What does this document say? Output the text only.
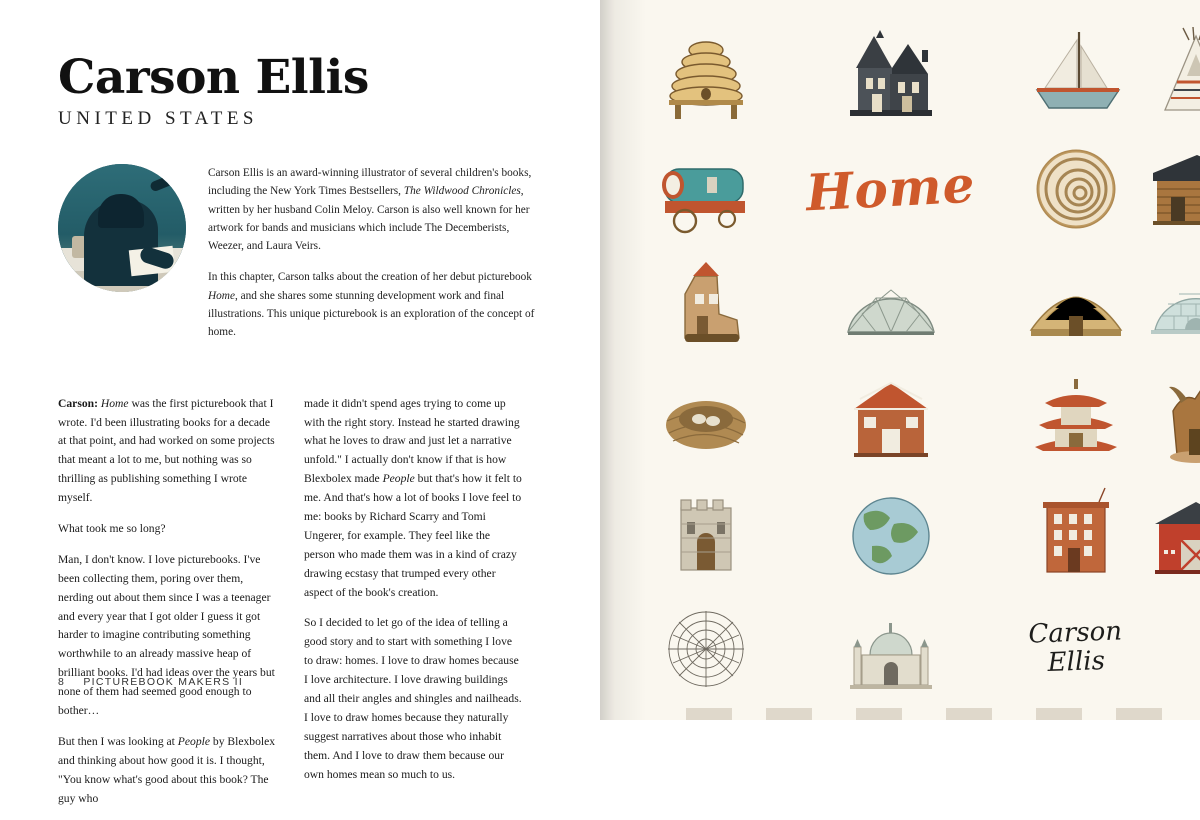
Carson Ellis
UNITED STATES

Carson Ellis is an award-winning illustrator of several children's books, including the New York Times Bestsellers, The Wildwood Chronicles, written by her husband Colin Meloy. Carson is also well known for her artwork for bands and musicians which include The Decemberists, Weezer, and Laura Veirs.

In this chapter, Carson talks about the creation of her debut picturebook Home, and she shares some stunning development work and final illustrations. This unique picturebook is an exploration of the concept of home.

Carson: Home was the first picturebook that I wrote. I'd been illustrating books for a decade at that point, and had worked on some projects that meant a lot to me, but nothing was so thrilling as publishing something I wrote myself.

What took me so long?

Man, I don't know. I love picturebooks. I've been collecting them, poring over them, nerding out about them since I was a teenager and every year that I got older I guess it got harder to imagine contributing something worthwhile to an already massive heap of brilliant books. I'd had ideas over the years but none of them had seemed good enough to bother…

But then I was looking at People by Blexbolex and thinking about how good it is. I thought, "You know what's good about this book? The guy who

made it didn't spend ages trying to come up with the right story. Instead he started drawing what he loves to draw and just let a narrative unfold." I actually don't know if that is how Blexbolex made People but that's how it felt to me. And that's how a lot of books I love feel to me: books by Richard Scarry and Tomi Ungerer, for example. They feel like the person who made them was in a kind of crazy drawing ecstasy that trumped every other aspect of the book's creation.

So I decided to let go of the idea of telling a good story and to start with something I love to draw: homes. I love to draw homes because I love architecture. I love drawing buildings and all their angles and shingles and nailheads. I love to draw homes because they naturally suggest narratives about those who inhabit them. And I love to draw them because our own homes mean so much to us.

8 PICTUREBOOK MAKERS II
Home
Carson
Ellis
